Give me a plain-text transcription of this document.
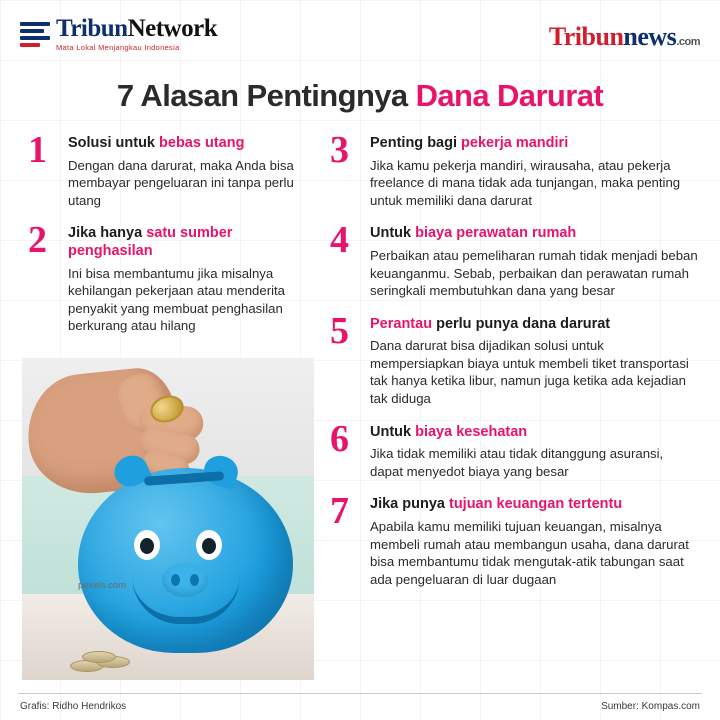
TribunNetwork
Mata Lokal Menjangkau Indonesia	Tribunnews.com
7 Alasan Pentingnya Dana Darurat
1	Solusi untuk bebas utang
Dengan dana darurat, maka Anda bisa membayar pengeluaran ini tanpa perlu utang
2	Jika hanya satu sumber penghasilan
Ini bisa membantumu jika misalnya kehilangan pekerjaan atau menderita penyakit yang membuat penghasilan berkurang atau hilang
3	Penting bagi pekerja mandiri
Jika kamu pekerja mandiri, wirausaha, atau pekerja freelance di mana tidak ada tunjangan, maka penting untuk memiliki dana darurat
4	Untuk biaya perawatan rumah
Perbaikan atau pemeliharan rumah tidak menjadi beban keuanganmu. Sebab, perbaikan dan perawatan rumah seringkali membutuhkan dana yang besar
5	Perantau perlu punya dana darurat
Dana darurat bisa dijadikan solusi untuk mempersiapkan biaya untuk membeli tiket transportasi tak hanya ketika libur, namun juga ketika ada kejadian tak diduga
6	Untuk biaya kesehatan
Jika tidak memiliki atau tidak ditanggung asuransi, dapat menyedot biaya yang besar
7	Jika punya tujuan keuangan tertentu
Apabila kamu memiliki tujuan keuangan, misalnya membeli rumah atau membangun usaha, dana darurat bisa membantumu tidak mengutak-atik tabungan saat ada pengeluaran di luar dugaan
pexels.com
Grafis: Ridho Hendrikos	Sumber: Kompas.com
